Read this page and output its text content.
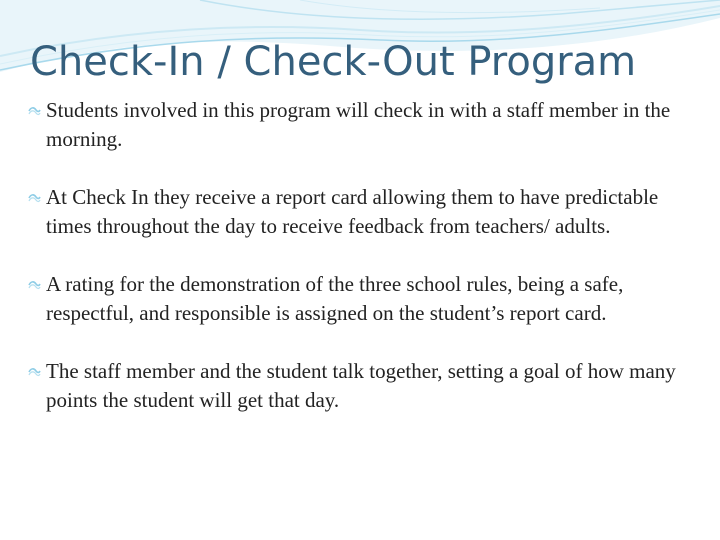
Check-In / Check-Out Program
Students involved in this program will check in with a staff member in the morning.
At Check In they receive a report card allowing them to have predictable times throughout the day to receive feedback from teachers/ adults.
A rating for the demonstration of the three school rules, being a safe, respectful, and responsible is assigned on the student’s report card.
The staff member and the student talk together, setting a goal of how many points the student will get that day.
